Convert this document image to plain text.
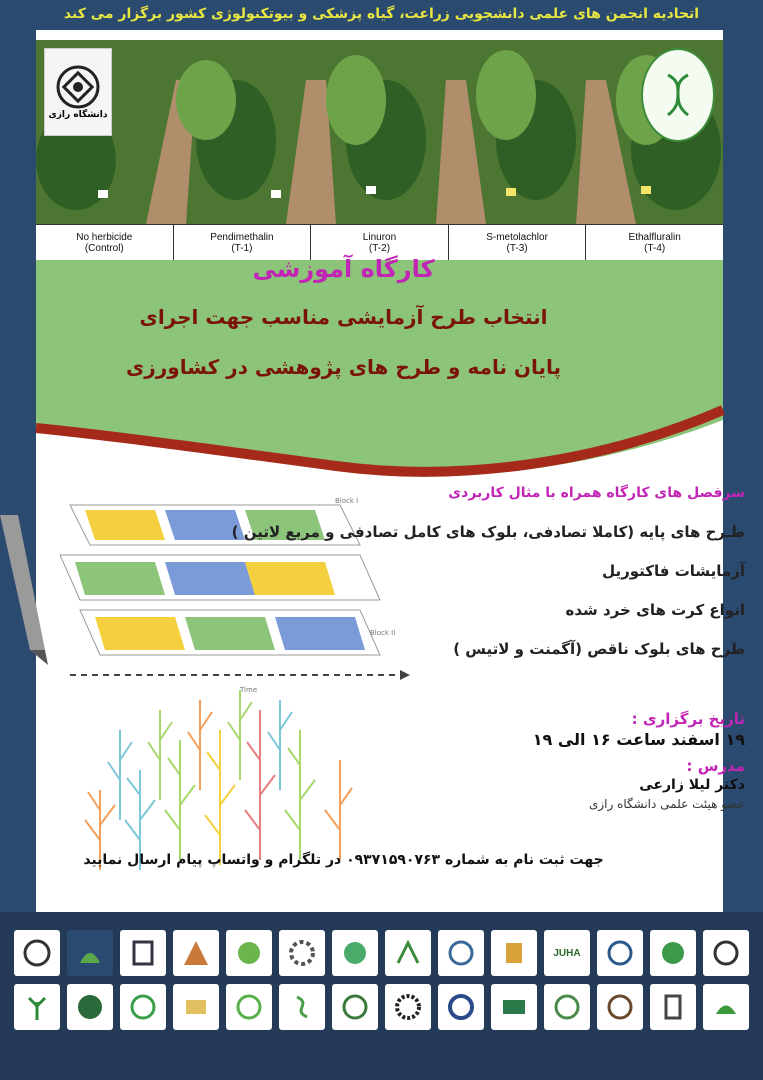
اتحادیه انجمن های علمی دانشجویی زراعت، گیاه پزشکی و بیوتکنولوژی کشور برگزار می کند
دانشگاه رازی
No herbicide
(Control)
Pendimethalin
(T-1)
Linuron
(T-2)
S-metolachlor
(T-3)
Ethalfluralin
(T-4)
کارگاه آموزشی
انتخاب طرح آزمایشی مناسب جهت اجرای
پایان نامه و طرح های پژوهشی در کشاورزی
Block I
Block II
Time
سرفصل های کارگاه همراه با مثال کاربردی
طـرح های پایه (کاملا تصادفی، بلوک های کامل تصادفی و مربع لاتین )
آزمایشات فاکتوریل
انواع کرت های خرد شده
طرح های بلوک ناقص (آگمنت و لاتیس )
تاریخ برگزاری :
۱۹ اسفند ساعت ۱۶ الی ۱۹
مدرس :
دکتر لیلا زارعی
عضو هیئت علمی دانشگاه رازی
جهت ثبت نام به شماره ۰۹۳۷۱۵۹۰۷۶۳ در تلگرام و واتساپ پیام ارسال نمایید
JUHA
